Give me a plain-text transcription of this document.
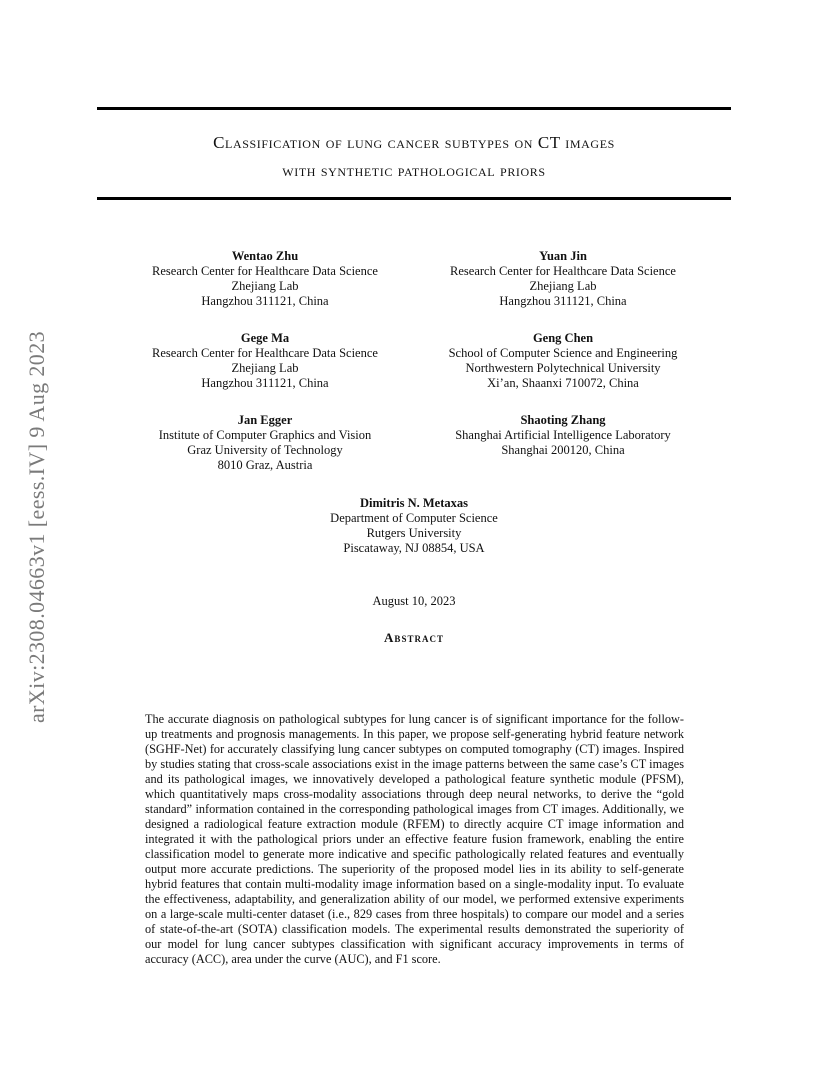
arXiv:2308.04663v1 [eess.IV] 9 Aug 2023
Classification of lung cancer subtypes on CT images
with synthetic pathological priors
Wentao Zhu
Research Center for Healthcare Data Science
Zhejiang Lab
Hangzhou 311121, China
Yuan Jin
Research Center for Healthcare Data Science
Zhejiang Lab
Hangzhou 311121, China
Gege Ma
Research Center for Healthcare Data Science
Zhejiang Lab
Hangzhou 311121, China
Geng Chen
School of Computer Science and Engineering
Northwestern Polytechnical University
Xi’an, Shaanxi 710072, China
Jan Egger
Institute of Computer Graphics and Vision
Graz University of Technology
8010 Graz, Austria
Shaoting Zhang
Shanghai Artificial Intelligence Laboratory
Shanghai 200120, China
Dimitris N. Metaxas
Department of Computer Science
Rutgers University
Piscataway, NJ 08854, USA
August 10, 2023
Abstract

The accurate diagnosis on pathological subtypes for lung cancer is of significant importance for the follow-up treatments and prognosis managements. In this paper, we propose self-generating hybrid feature network (SGHF-Net) for accurately classifying lung cancer subtypes on computed tomography (CT) images. Inspired by studies stating that cross-scale associations exist in the image patterns between the same case’s CT images and its pathological images, we innovatively developed a pathological feature synthetic module (PFSM), which quantitatively maps cross-modality associations through deep neural networks, to derive the “gold standard” information contained in the corresponding pathological images from CT images. Additionally, we designed a radiological feature extraction module (RFEM) to directly acquire CT image information and integrated it with the pathological priors under an effective feature fusion framework, enabling the entire classification model to generate more indicative and specific pathologically related features and eventually output more accurate predictions. The superiority of the proposed model lies in its ability to self-generate hybrid features that contain multi-modality image information based on a single-modality input. To evaluate the effectiveness, adaptability, and generalization ability of our model, we performed extensive experiments on a large-scale multi-center dataset (i.e., 829 cases from three hospitals) to compare our model and a series of state-of-the-art (SOTA) classification models. The experimental results demonstrated the superiority of our model for lung cancer subtypes classification with significant accuracy improvements in terms of accuracy (ACC), area under the curve (AUC), and F1 score.
